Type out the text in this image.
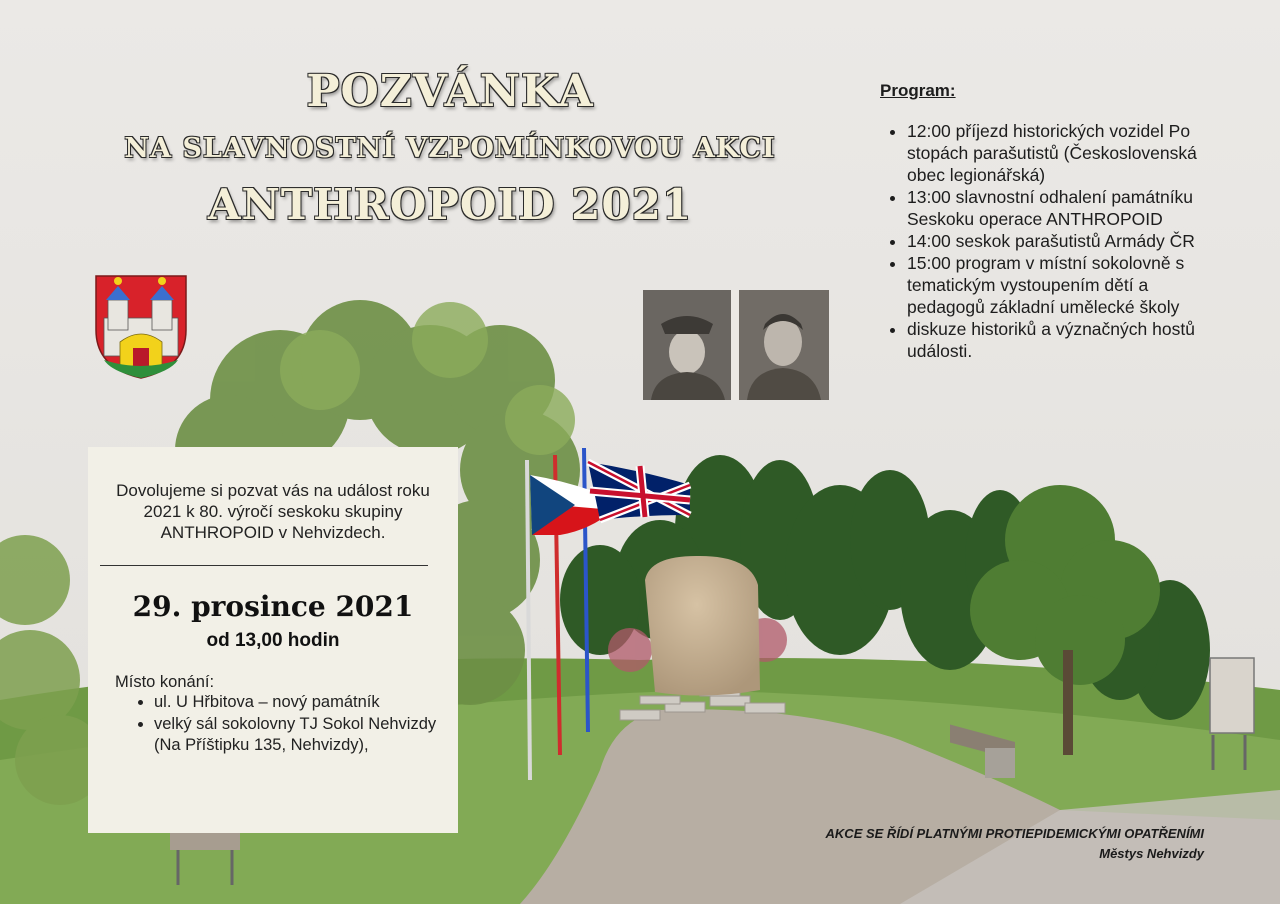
POZVÁNKA
NA SLAVNOSTNÍ VZPOMÍNKOVOU AKCI
ANTHROPOID 2021
Program:
• 12:00 příjezd historických vozidel Po stopách parašutistů (Československá obec legionářská)
• 13:00 slavnostní odhalení památníku Seskoku operace ANTHROPOID
• 14:00 seskok parašutistů Armády ČR
• 15:00 program v místní sokolovně s tematickým vystoupením dětí a pedagogů základní umělecké školy
• diskuze historiků a význačných hostů události.
Dovolujeme si pozvat vás na událost roku 2021 k 80. výročí seskoku skupiny ANTHROPOID v Nehvizdech.
29. prosince 2021
od 13,00 hodin
Místo konání:
• ul. U Hřbitova – nový památník
• velký sál sokolovny TJ Sokol Nehvizdy (Na Příštipku 135, Nehvizdy),
AKCE SE ŘÍDÍ PLATNÝMI PROTIEPIDEMICKÝMI OPATŘENÍMI
Městys Nehvizdy
